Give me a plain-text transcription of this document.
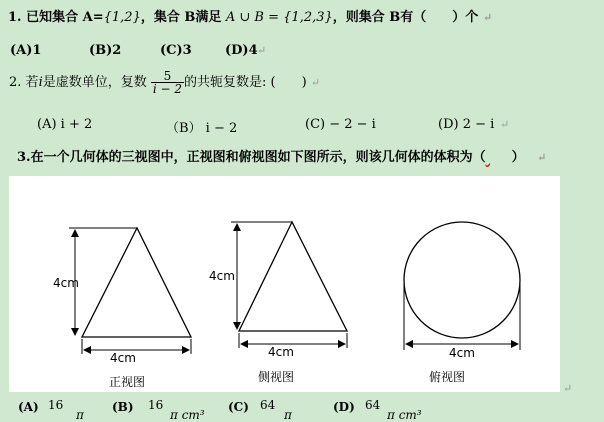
1. 已知集合 A={1,2}，集合 B满足 A ∪ B = {1,2,3}，则集合 B有（　　）个 ↵
(A)1	(B)2	(C)3	(D)4 ↵
2. 若i是虚数单位，复数 $\frac{5}{i - 2}$ 的共轭复数是: (　　) ↵
(A) i + 2	（B） i − 2	(C) − 2 − i	(D) 2 − i ↵
3.在一个几何体的三视图中，正视图和俯视图如下图所示，则该几何体的体积为（ ） ↵
4cm
4cm
正视图
4cm
4cm
侧视图
4cm
俯视图
↵
(A) 16
π
(B) 16
π cm³
(C) 64
π
(D) 64
π cm³
